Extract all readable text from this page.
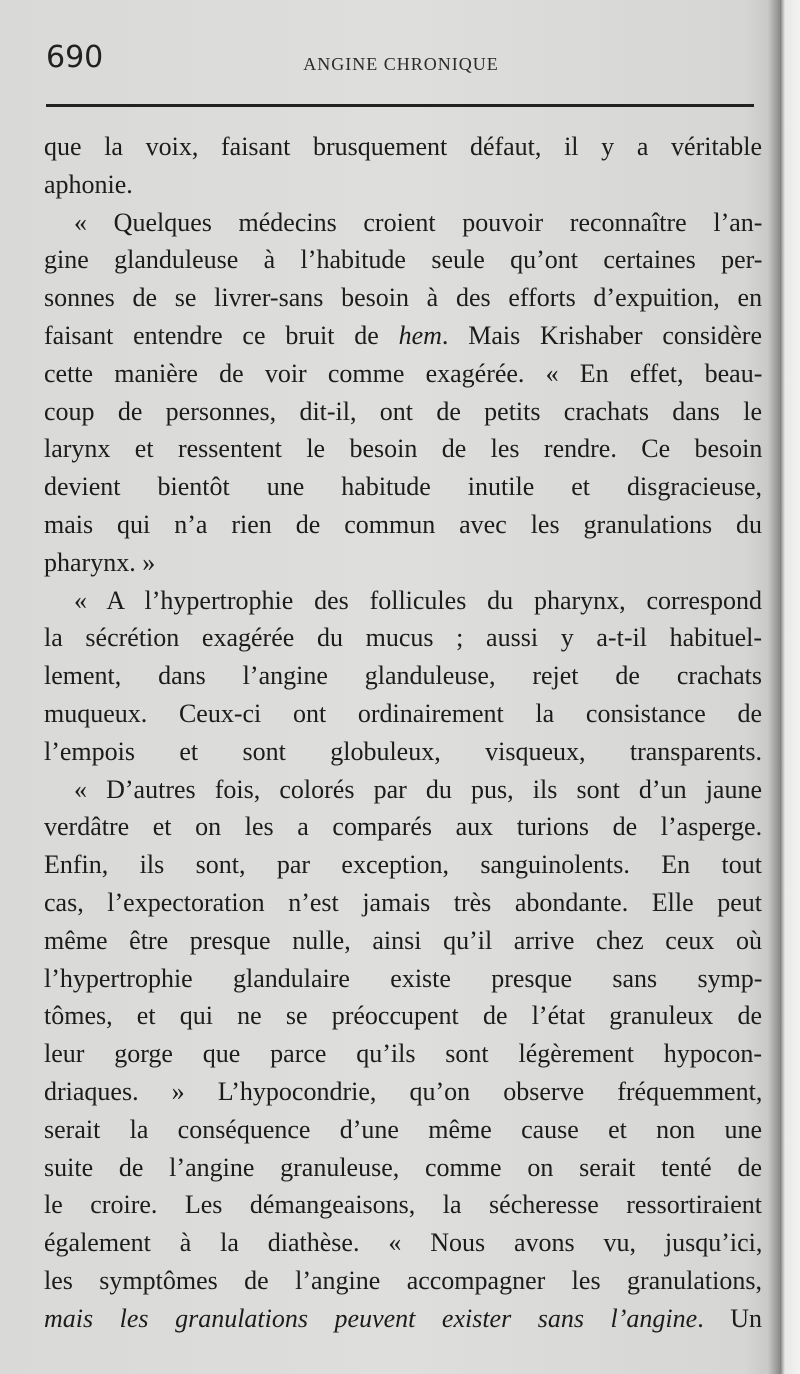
690	ANGINE CHRONIQUE
que la voix, faisant brusquement défaut, il y a véritable
aphonie.
« Quelques médecins croient pouvoir reconnaître l’an-
gine glanduleuse à l’habitude seule qu’ont certaines per-
sonnes de se livrer-sans besoin à des efforts d’expuition, en
faisant entendre ce bruit de hem. Mais Krishaber considère
cette manière de voir comme exagérée. « En effet, beau-
coup de personnes, dit-il, ont de petits crachats dans le
larynx et ressentent le besoin de les rendre. Ce besoin
devient bientôt une habitude inutile et disgracieuse,
mais qui n’a rien de commun avec les granulations du
pharynx. »
« A l’hypertrophie des follicules du pharynx, correspond
la sécrétion exagérée du mucus ; aussi y a-t-il habituel-
lement, dans l’angine glanduleuse, rejet de crachats
muqueux. Ceux-ci ont ordinairement la consistance de
l’empois et sont globuleux, visqueux, transparents.
« D’autres fois, colorés par du pus, ils sont d’un jaune
verdâtre et on les a comparés aux turions de l’asperge.
Enfin, ils sont, par exception, sanguinolents. En tout
cas, l’expectoration n’est jamais très abondante. Elle peut
même être presque nulle, ainsi qu’il arrive chez ceux où
l’hypertrophie glandulaire existe presque sans symp-
tômes, et qui ne se préoccupent de l’état granuleux de
leur gorge que parce qu’ils sont légèrement hypocon-
driaques. » L’hypocondrie, qu’on observe fréquemment,
serait la conséquence d’une même cause et non une
suite de l’angine granuleuse, comme on serait tenté de
le croire. Les démangeaisons, la sécheresse ressortiraient
également à la diathèse. « Nous avons vu, jusqu’ici,
les symptômes de l’angine accompagner les granulations,
mais les granulations peuvent exister sans l’angine. Un
